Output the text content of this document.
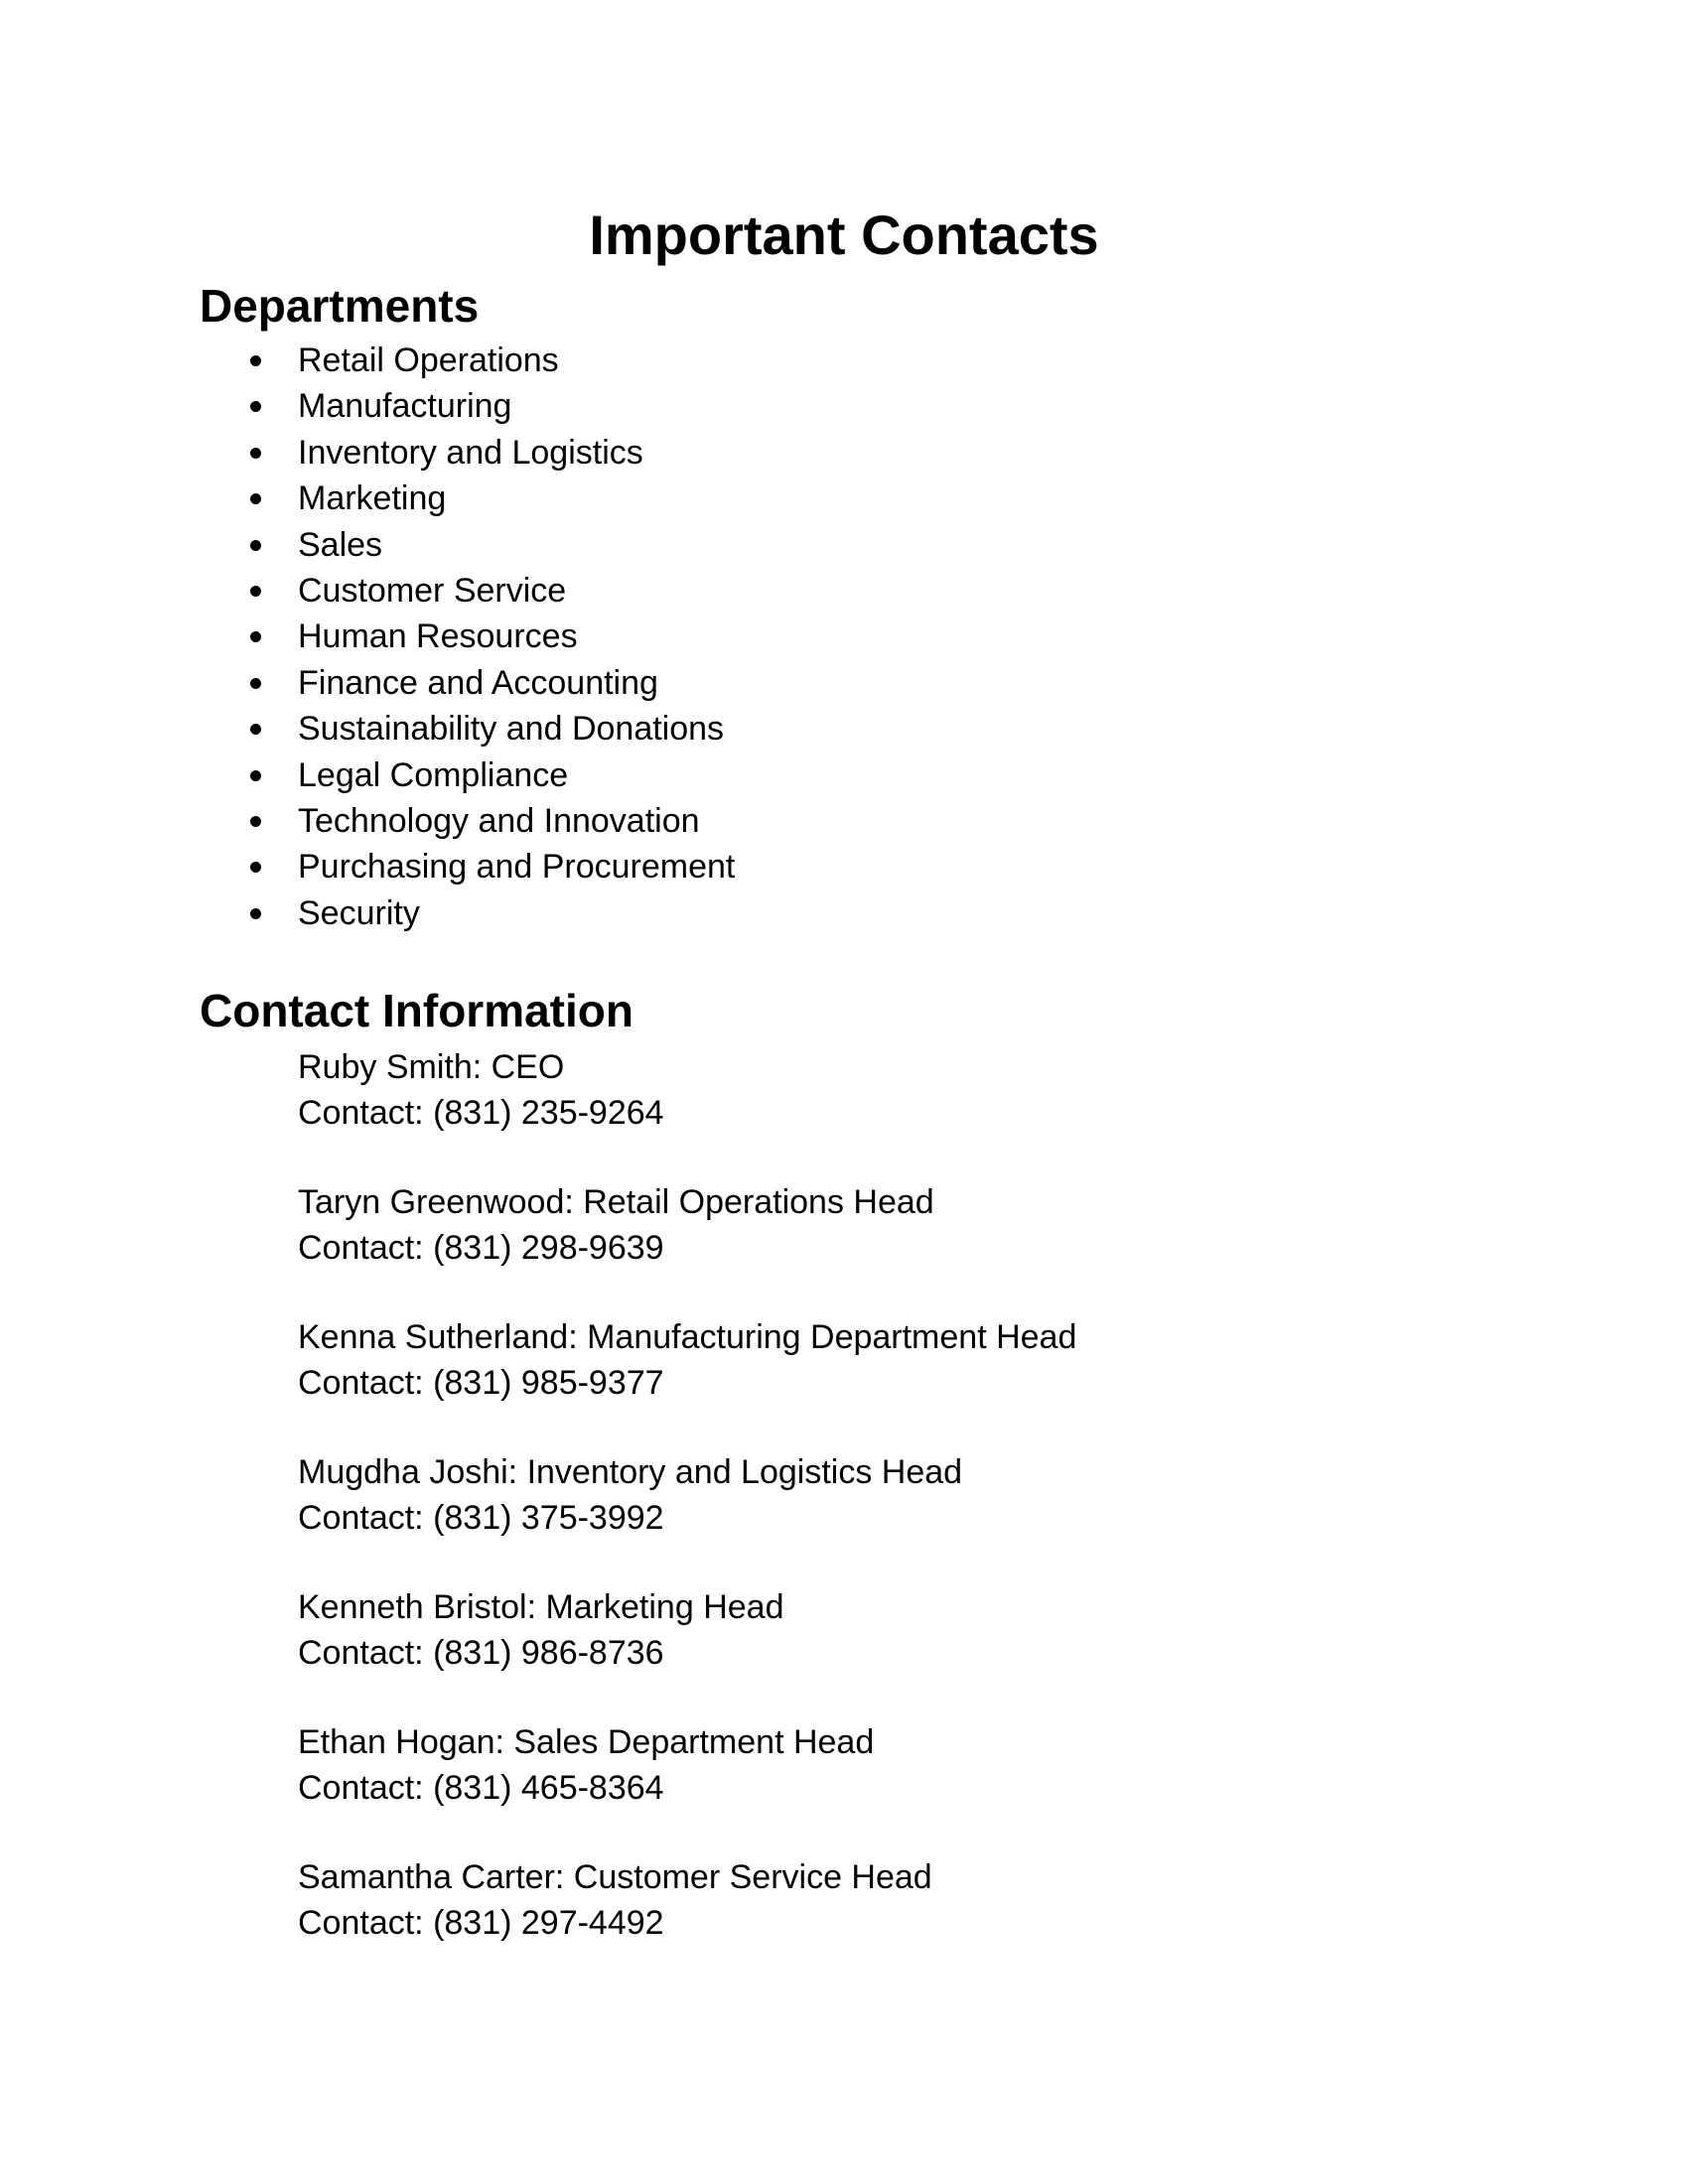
Important Contacts
Departments
Retail Operations
Manufacturing
Inventory and Logistics
Marketing
Sales
Customer Service
Human Resources
Finance and Accounting
Sustainability and Donations
Legal Compliance
Technology and Innovation
Purchasing and Procurement
Security
Contact Information
Ruby Smith: CEO
Contact: (831) 235-9264
Taryn Greenwood: Retail Operations Head
Contact: (831) 298-9639
Kenna Sutherland: Manufacturing Department Head
Contact: (831) 985-9377
Mugdha Joshi: Inventory and Logistics Head
Contact: (831) 375-3992
Kenneth Bristol: Marketing Head
Contact: (831) 986-8736
Ethan Hogan: Sales Department Head
Contact: (831) 465-8364
Samantha Carter: Customer Service Head
Contact: (831) 297-4492
